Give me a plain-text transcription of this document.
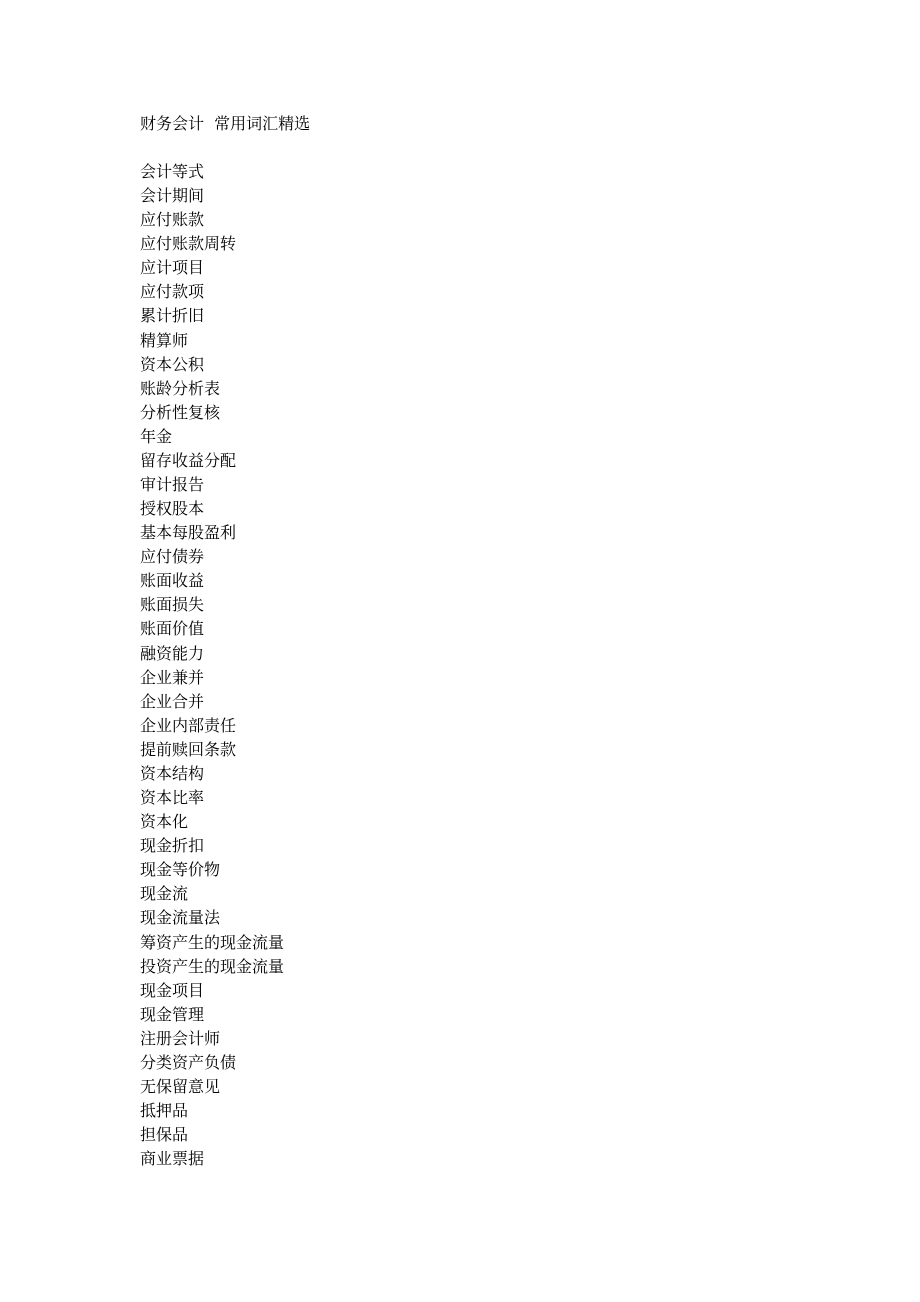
财务会计  常用词汇精选
会计等式
会计期间
应付账款
应付账款周转
应计项目
应付款项
累计折旧
精算师
资本公积
账龄分析表
分析性复核
年金
留存收益分配
审计报告
授权股本
基本每股盈利
应付债券
账面收益
账面损失
账面价值
融资能力
企业兼并
企业合并
企业内部责任
提前赎回条款
资本结构
资本比率
资本化
现金折扣
现金等价物
现金流
现金流量法
筹资产生的现金流量
投资产生的现金流量
现金项目
现金管理
注册会计师
分类资产负债
无保留意见
抵押品
担保品
商业票据
